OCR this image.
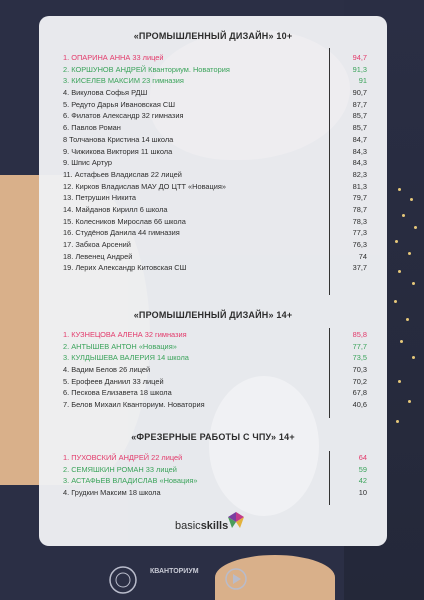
«ПРОМЫШЛЕННЫЙ ДИЗАЙН» 10+
1. ОПАРИНА АННА 33 лицей	94,7
2. КОРШУНОВ АНДРЕЙ Кванториум. Новатория	91,3
3. КИСЕЛЕВ МАКСИМ 23 гимназия	91
4. Викулова Софья РДШ	90,7
5. Редуто Дарья Ивановская СШ	87,7
6. Филатов Александр 32 гимназия	85,7
6. Павлов Роман	85,7
8 Толчанова Кристина 14 школа	84,7
9. Чижикова Виктория 11 школа	84,3
9. Шпис Артур	84,3
11. Астафьев Владислав 22 лицей	82,3
12. Кирков Владислав МАУ ДО ЦТТ «Новация»	81,3
13. Петрушин Никита	79,7
14. Майданов Кирилл 6 школа	78,7
15. Колесников Мирослав 66 школа	78,3
16. Студёнов Данила 44 гимназия	77,3
17. Забкоа Арсений	76,3
18. Левенец Андрей	74
19. Лерих Александр Китовская СШ	37,7
«ПРОМЫШЛЕННЫЙ ДИЗАЙН» 14+
1. КУЗНЕЦОВА АЛЕНА 32 гимназия	85,8
2. АНТЫШЕВ АНТОН «Новация»	77,7
3. КУЛДЫШЕВА ВАЛЕРИЯ 14 школа	73,5
4. Вадим Белов 26 лицей	70,3
5. Ерофеев Даниил 33 лицей	70,2
6. Пескова Елизавета 18 школа	67,8
7. Белов Михаил Кванториум. Новатория	40,6
«ФРЕЗЕРНЫЕ РАБОТЫ С ЧПУ» 14+
1. ПУХОВСКИЙ АНДРЕЙ 22 лицей	64
2. СЕМЯШКИН РОМАН 33 лицей	59
3. АСТАФЬЕВ ВЛАДИСЛАВ «Новация»	42
4. Грудкин Максим 18 школа	10
basicskills
КВАНТОРИУМ
